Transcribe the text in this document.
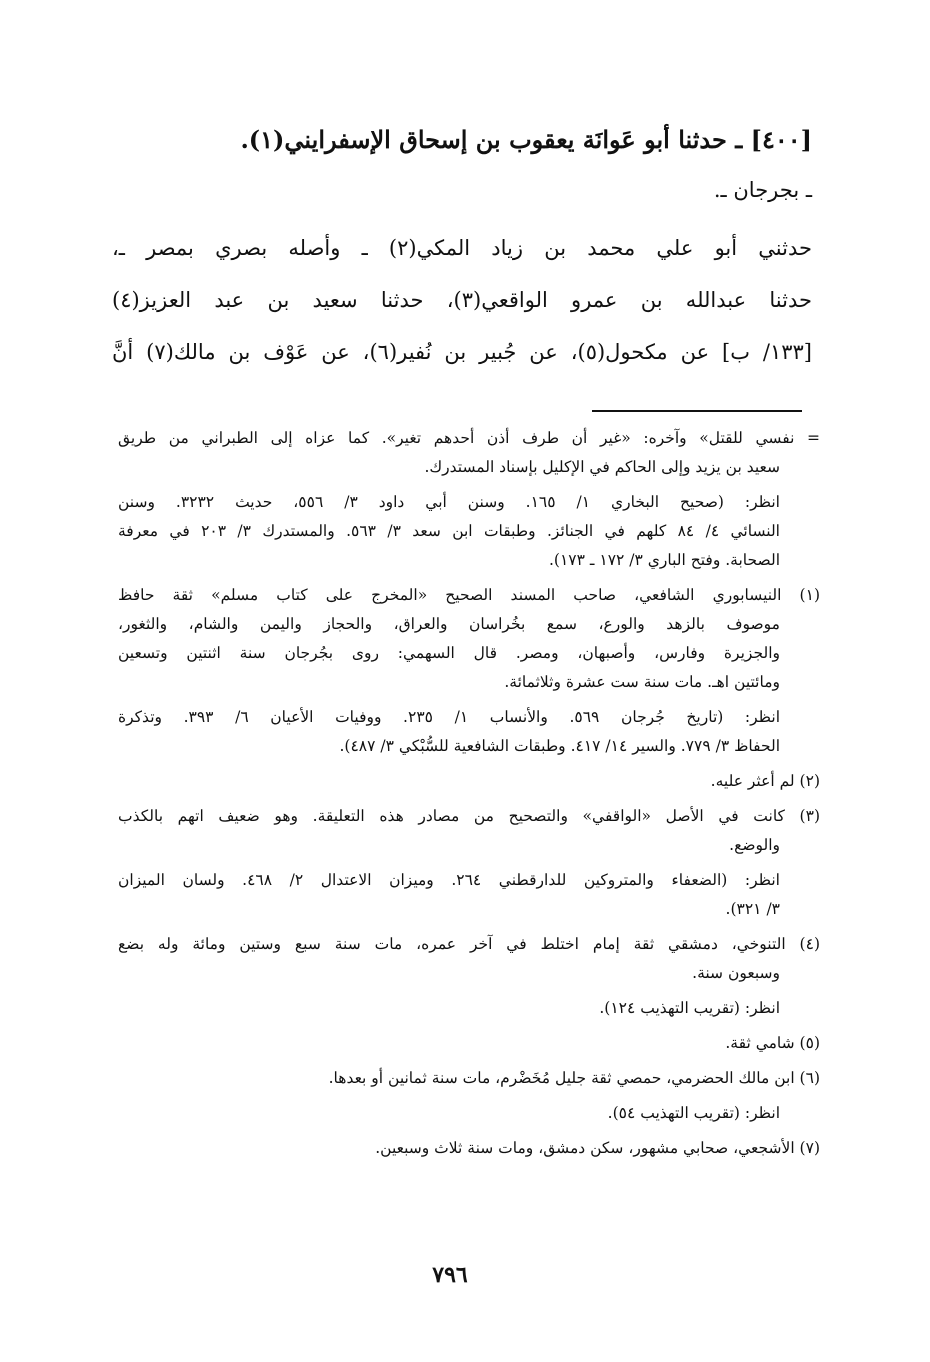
[٤٠٠] ـ حدثنا أبو عَوانَة يعقوب بن إسحاق الإسفرايني(١).

ـ بجرجان ـ.

حدثني أبو علي محمد بن زياد المكي(٢) ـ وأصله بصري بمصر ـ،

حدثنا عبدالله بن عمرو الواقعي(٣)، حدثنا سعيد بن عبد العزيز(٤)

[١٣٣/ ب] عن مكحول(٥)، عن جُبير بن نُفير(٦)، عن عَوْف بن مالك(٧) أنَّ

= نفسي للقتل» وآخره: «غير أن طرف أذن أحدهم تغير». كما عزاه إلى الطبراني من طريق

سعيد بن يزيد وإلى الحاكم في الإكليل بإسناد المستدرك.

انظر: (صحيح البخاري ١/ ١٦٥. وسنن أبي داود ٣/ ٥٥٦، حديث ٣٢٣٢. وسنن

النسائي ٤/ ٨٤ كلهم في الجنائز. وطبقات ابن سعد ٣/ ٥٦٣. والمستدرك ٣/ ٢٠٣ في معرفة

الصحابة. وفتح الباري ٣/ ١٧٢ ـ ١٧٣).

(١) النيسابوري الشافعي، صاحب المسند الصحيح «المخرج على كتاب مسلم» ثقة حافظ

موصوف بالزهد والورع، سمع بخُراسان والعراق، والحجاز واليمن والشام، والثغور،

والجزيرة وفارس، وأصبهان، ومصر. قال السهمي: روى بجُرجان سنة اثنتين وتسعين

ومائتين اهـ. مات سنة ست عشرة وثلاثمائة.

انظر: (تاريخ جُرجان ٥٦٩. والأنساب ١/ ٢٣٥. ووفيات الأعيان ٦/ ٣٩٣. وتذكرة

الحفاظ ٣/ ٧٧٩. والسير ١٤/ ٤١٧. وطبقات الشافعية للسُّبْكي ٣/ ٤٨٧).

(٢) لم أعثر عليه.

(٣) كانت في الأصل «الواقفي» والتصحيح من مصادر هذه التعليقة. وهو ضعيف اتهم بالكذب

والوضع.

انظر: (الضعفاء والمتروكين للدارقطني ٢٦٤. وميزان الاعتدال ٢/ ٤٦٨. ولسان الميزان

٣/ ٣٢١).

(٤) التنوخي، دمشقي ثقة إمام اختلط في آخر عمره، مات سنة سبع وستين ومائة وله بضع

وسبعون سنة.

انظر: (تقريب التهذيب ١٢٤).

(٥) شامي ثقة.

(٦) ابن مالك الحضرمي، حمصي ثقة جليل مُخَضْرم، مات سنة ثمانين أو بعدها.

انظر: (تقريب التهذيب ٥٤).

(٧) الأشجعي، صحابي مشهور، سكن دمشق، ومات سنة ثلاث وسبعين.

٧٩٦
